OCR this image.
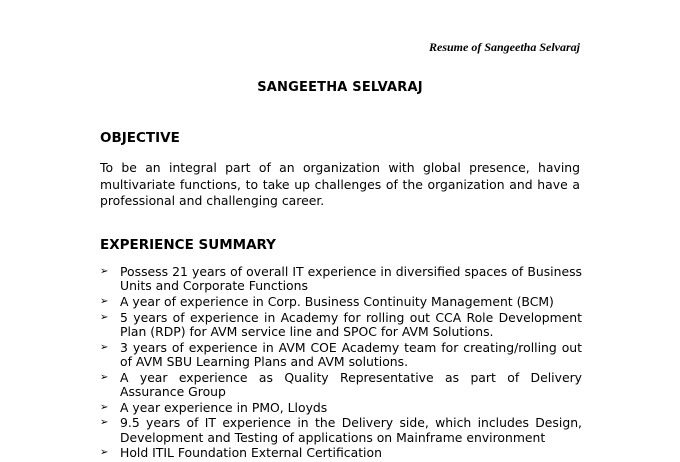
Resume of Sangeetha Selvaraj
SANGEETHA SELVARAJ
OBJECTIVE
To be an integral part of an organization with global presence, having multivariate functions, to take up challenges of the organization and have a professional and challenging career.
EXPERIENCE SUMMARY
➢ Possess 21 years of overall IT experience in diversified spaces of Business Units and Corporate Functions
➢ A year of experience in Corp. Business Continuity Management (BCM)
➢ 5 years of experience in Academy for rolling out CCA Role Development Plan (RDP) for AVM service line and SPOC for AVM Solutions.
➢ 3 years of experience in AVM COE Academy team for creating/rolling out of AVM SBU Learning Plans and AVM solutions.
➢ A year experience as Quality Representative as part of Delivery Assurance Group
➢ A year experience in PMO, Lloyds
➢ 9.5 years of IT experience in the Delivery side, which includes Design, Development and Testing of applications on Mainframe environment
➢ Hold ITIL Foundation External Certification
